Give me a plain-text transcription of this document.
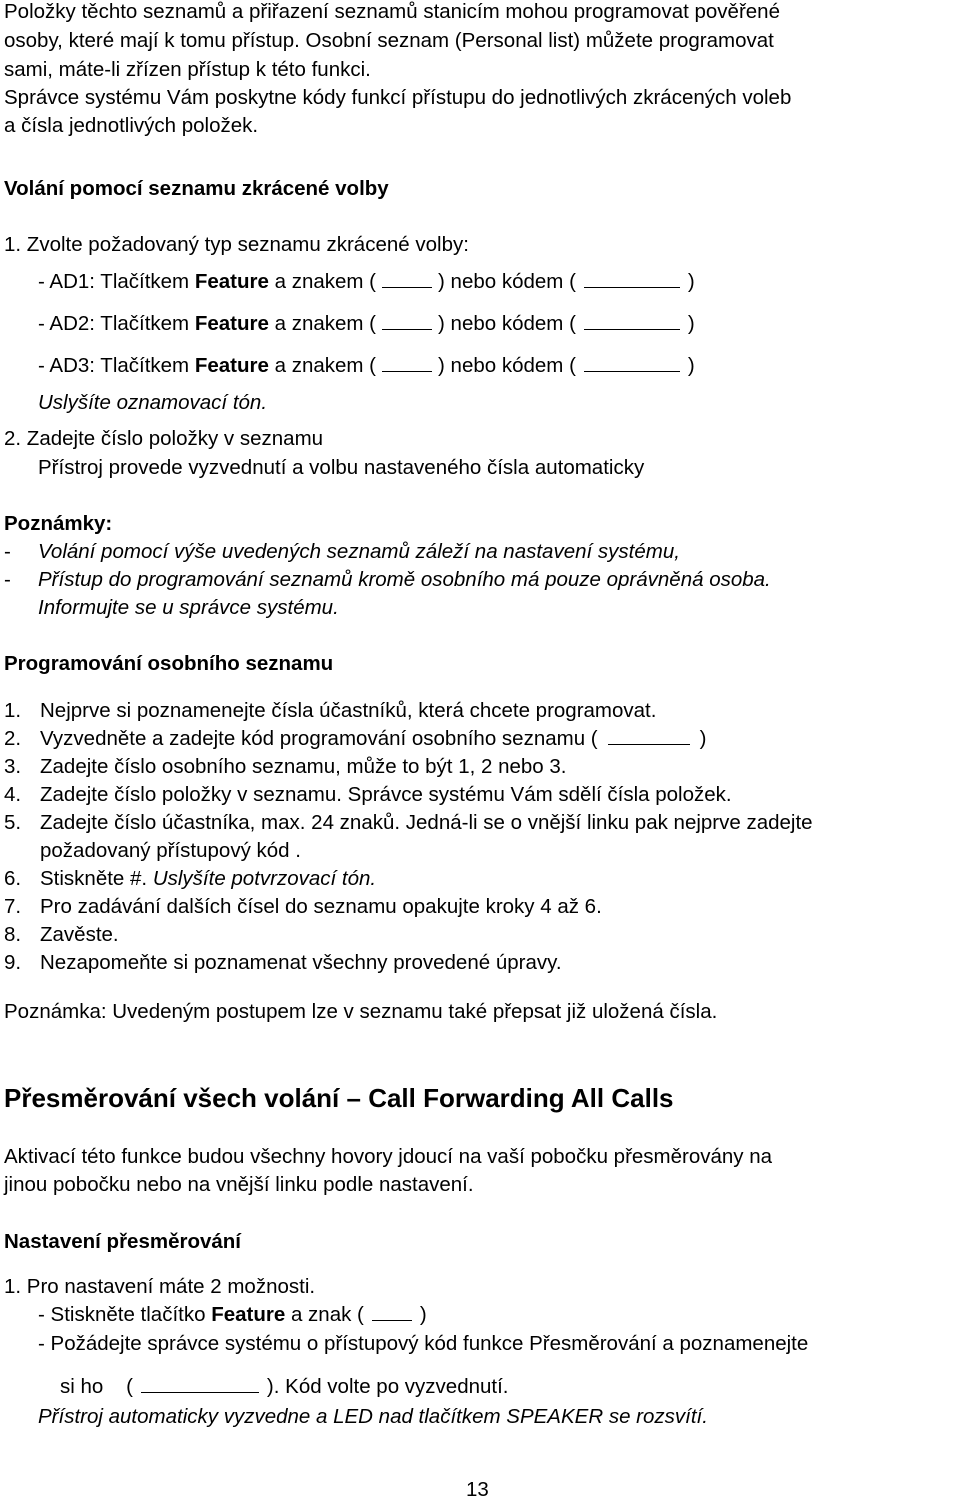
Položky těchto seznamů a přiřazení seznamů stanicím mohou programovat pověřené
osoby, které mají k tomu přístup. Osobní seznam (Personal list) můžete programovat
sami, máte-li zřízen přístup k této funkci.
Správce systému Vám poskytne kódy funkcí přístupu do jednotlivých zkrácených voleb
a čísla jednotlivých položek.
Volání pomocí seznamu zkrácené volby
1. Zvolte požadovaný typ seznamu zkrácené volby:
- AD1: Tlačítkem Feature a znakem (	) nebo kódem (	)
- AD2: Tlačítkem Feature a znakem (	) nebo kódem (	)
- AD3: Tlačítkem Feature a znakem (	) nebo kódem (	)
Uslyšíte oznamovací tón.
2. Zadejte číslo položky v seznamu
Přístroj provede vyzvednutí a volbu nastaveného čísla automaticky
Poznámky:
- Volání pomocí výše uvedených seznamů záleží na nastavení systému,
- Přístup do programování seznamů kromě osobního má pouze oprávněná osoba.
Informujte se u správce systému.
Programování osobního seznamu
1. Nejprve si poznamenejte čísla účastníků, která chcete programovat.
2. Vyzvedněte a zadejte kód programování osobního seznamu (	)
3. Zadejte číslo osobního seznamu, může to být 1, 2 nebo 3.
4. Zadejte číslo položky v seznamu. Správce systému Vám sdělí čísla položek.
5. Zadejte číslo účastníka, max. 24 znaků. Jedná-li se o vnější linku pak nejprve zadejte
požadovaný přístupový kód .
6. Stiskněte #. Uslyšíte potvrzovací tón.
7. Pro zadávání dalších čísel do seznamu opakujte kroky 4 až 6.
8. Zavěste.
9. Nezapomeňte si poznamenat všechny provedené úpravy.
Poznámka: Uvedeným postupem lze v seznamu také přepsat již uložená čísla.
Přesměrování všech volání – Call Forwarding All Calls
Aktivací této funkce budou všechny hovory jdoucí na vaší pobočku přesměrovány na
jinou pobočku nebo na vnější linku podle nastavení.
Nastavení přesměrování
1. Pro nastavení máte 2 možnosti.
- Stiskněte tlačítko Feature a znak (	)
- Požádejte správce systému o přístupový kód funkce Přesměrování a poznamenejte
si ho    (	). Kód volte po vyzvednutí.
Přístroj automaticky vyzvedne a LED nad tlačítkem SPEAKER se rozsvítí.
13
